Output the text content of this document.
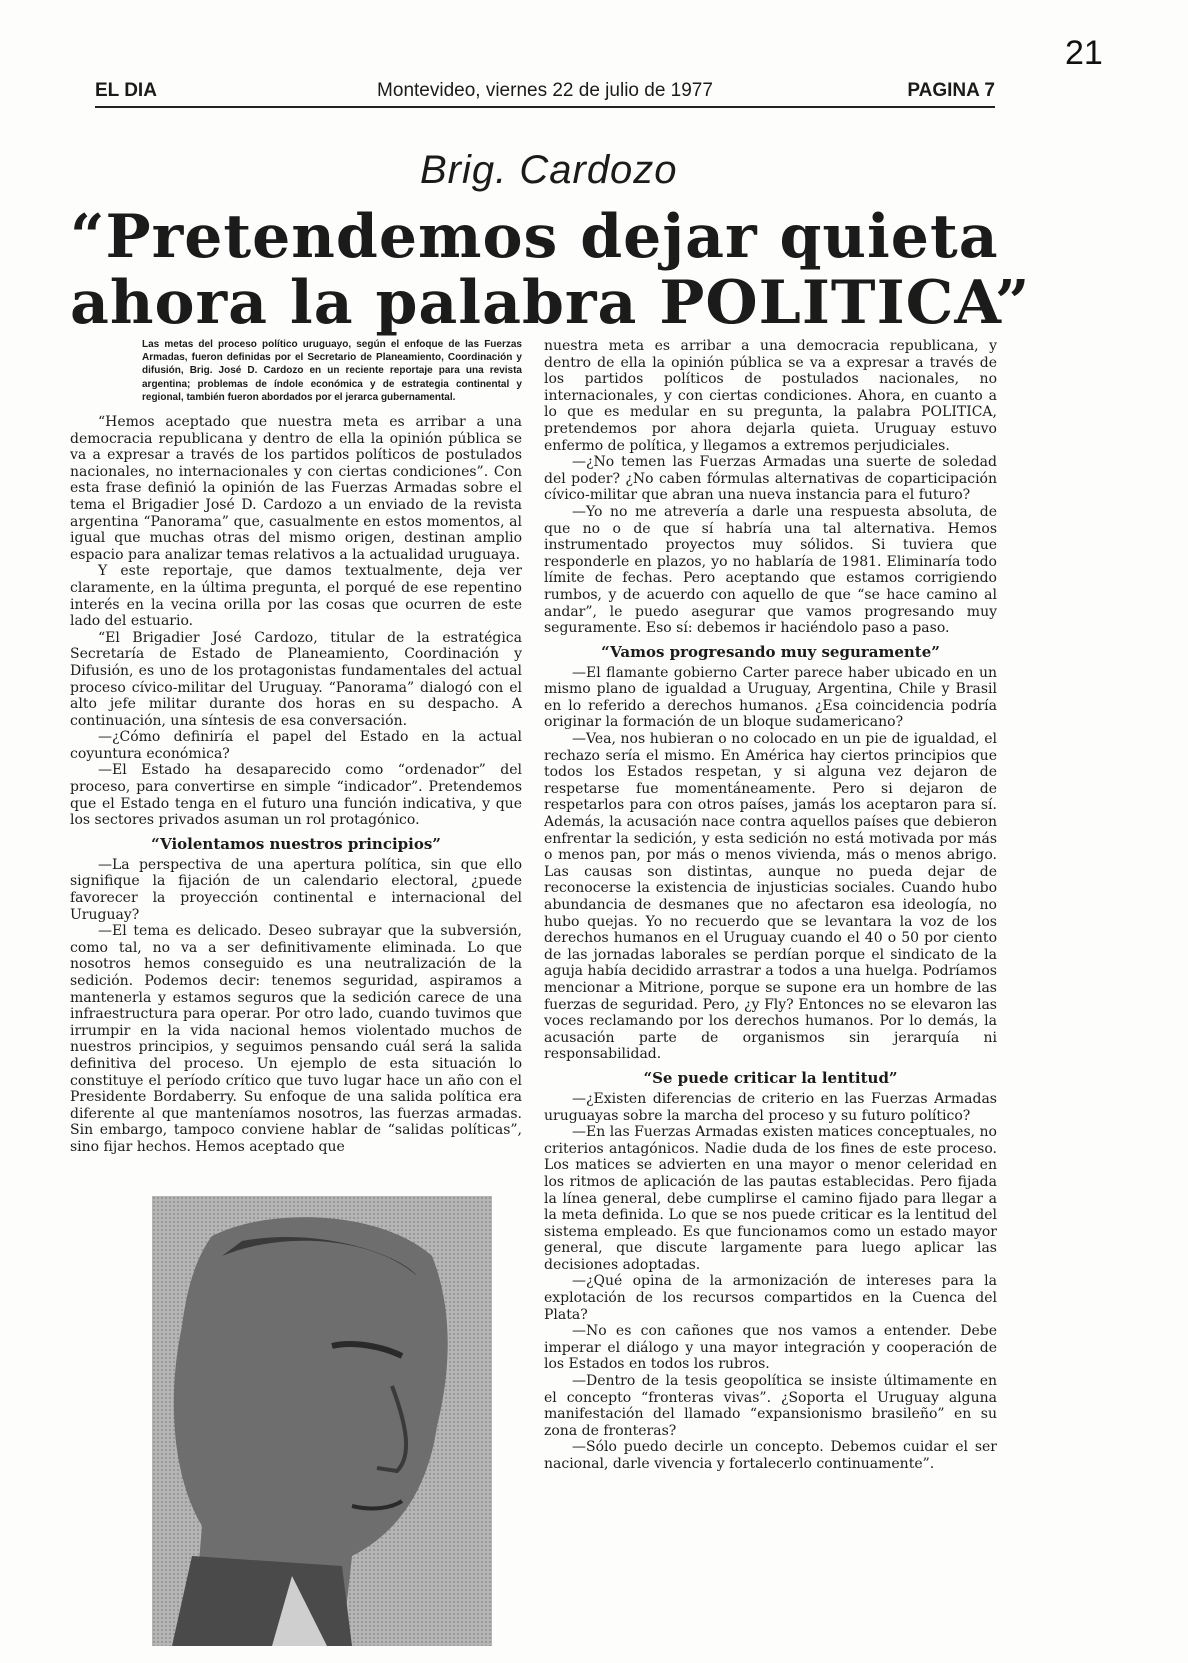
21
EL DIA	Montevideo, viernes 22 de julio de 1977	PAGINA 7
Brig. Cardozo
“Pretendemos dejar quieta
ahora la palabra POLITICA”

Las metas del proceso político uruguayo, según el enfoque de las Fuerzas Armadas, fueron definidas por el Secretario de Planeamiento, Coordinación y difusión, Brig. José D. Cardozo en un reciente reportaje para una revista argentina; problemas de índole económica y de estrategia continental y regional, también fueron abordados por el jerarca gubernamental.

“Hemos aceptado que nuestra meta es arribar a una democracia republicana y dentro de ella la opinión pública se va a expresar a través de los partidos políticos de postulados nacionales, no internacionales y con ciertas condiciones”. Con esta frase definió la opinión de las Fuerzas Armadas sobre el tema el Brigadier José D. Cardozo a un enviado de la revista argentina “Panorama” que, casualmente en estos momentos, al igual que muchas otras del mismo origen, destinan amplio espacio para analizar temas relativos a la actualidad uruguaya.

Y este reportaje, que damos textualmente, deja ver claramente, en la última pregunta, el porqué de ese repentino interés en la vecina orilla por las cosas que ocurren de este lado del estuario.

“El Brigadier José Cardozo, titular de la estratégica Secretaría de Estado de Planeamiento, Coordinación y Difusión, es uno de los protagonistas fundamentales del actual proceso cívico-militar del Uruguay. “Panorama” dialogó con el alto jefe militar durante dos horas en su despacho. A continuación, una síntesis de esa conversación.

—¿Cómo definiría el papel del Estado en la actual coyuntura económica?

—El Estado ha desaparecido como “ordenador” del proceso, para convertirse en simple “indicador”. Pretendemos que el Estado tenga en el futuro una función indicativa, y que los sectores privados asuman un rol protagónico.

“Violentamos nuestros principios”

—La perspectiva de una apertura política, sin que ello signifique la fijación de un calendario electoral, ¿puede favorecer la proyección continental e internacional del Uruguay?

—El tema es delicado. Deseo subrayar que la subversión, como tal, no va a ser definitivamente eliminada. Lo que nosotros hemos conseguido es una neutralización de la sedición. Podemos decir: tenemos seguridad, aspiramos a mantenerla y estamos seguros que la sedición carece de una infraestructura para operar. Por otro lado, cuando tuvimos que irrumpir en la vida nacional hemos violentado muchos de nuestros principios, y seguimos pensando cuál será la salida definitiva del proceso. Un ejemplo de esta situación lo constituye el período crítico que tuvo lugar hace un año con el Presidente Bordaberry. Su enfoque de una salida política era diferente al que manteníamos nosotros, las fuerzas armadas. Sin embargo, tampoco conviene hablar de “salidas políticas”, sino fijar hechos. Hemos aceptado que

nuestra meta es arribar a una democracia republicana, y dentro de ella la opinión pública se va a expresar a través de los partidos políticos de postulados nacionales, no internacionales, y con ciertas condiciones. Ahora, en cuanto a lo que es medular en su pregunta, la palabra POLITICA, pretendemos por ahora dejarla quieta. Uruguay estuvo enfermo de política, y llegamos a extremos perjudiciales.

—¿No temen las Fuerzas Armadas una suerte de soledad del poder? ¿No caben fórmulas alternativas de coparticipación cívico-militar que abran una nueva instancia para el futuro?

—Yo no me atrevería a darle una respuesta absoluta, de que no o de que sí habría una tal alternativa. Hemos instrumentado proyectos muy sólidos. Si tuviera que responderle en plazos, yo no hablaría de 1981. Eliminaría todo límite de fechas. Pero aceptando que estamos corrigiendo rumbos, y de acuerdo con aquello de que “se hace camino al andar”, le puedo asegurar que vamos progresando muy seguramente. Eso sí: debemos ir haciéndolo paso a paso.

“Vamos progresando muy seguramente”

—El flamante gobierno Carter parece haber ubicado en un mismo plano de igualdad a Uruguay, Argentina, Chile y Brasil en lo referido a derechos humanos. ¿Esa coincidencia podría originar la formación de un bloque sudamericano?

—Vea, nos hubieran o no colocado en un pie de igualdad, el rechazo sería el mismo. En América hay ciertos principios que todos los Estados respetan, y si alguna vez dejaron de respetarse fue momentáneamente. Pero si dejaron de respetarlos para con otros países, jamás los aceptaron para sí. Además, la acusación nace contra aquellos países que debieron enfrentar la sedición, y esta sedición no está motivada por más o menos pan, por más o menos vivienda, más o menos abrigo. Las causas son distintas, aunque no pueda dejar de reconocerse la existencia de injusticias sociales. Cuando hubo abundancia de desmanes que no afectaron esa ideología, no hubo quejas. Yo no recuerdo que se levantara la voz de los derechos humanos en el Uruguay cuando el 40 o 50 por ciento de las jornadas laborales se perdían porque el sindicato de la aguja había decidido arrastrar a todos a una huelga. Podríamos mencionar a Mitrione, porque se supone era un hombre de las fuerzas de seguridad. Pero, ¿y Fly? Entonces no se elevaron las voces reclamando por los derechos humanos. Por lo demás, la acusación parte de organismos sin jerarquía ni responsabilidad.

“Se puede criticar la lentitud”

—¿Existen diferencias de criterio en las Fuerzas Armadas uruguayas sobre la marcha del proceso y su futuro político?

—En las Fuerzas Armadas existen matices conceptuales, no criterios antagónicos. Nadie duda de los fines de este proceso. Los matices se advierten en una mayor o menor celeridad en los ritmos de aplicación de las pautas establecidas. Pero fijada la línea general, debe cumplirse el camino fijado para llegar a la meta definida. Lo que se nos puede criticar es la lentitud del sistema empleado. Es que funcionamos como un estado mayor general, que discute largamente para luego aplicar las decisiones adoptadas.

—¿Qué opina de la armonización de intereses para la explotación de los recursos compartidos en la Cuenca del Plata?

—No es con cañones que nos vamos a entender. Debe imperar el diálogo y una mayor integración y cooperación de los Estados en todos los rubros.

—Dentro de la tesis geopolítica se insiste últimamente en el concepto “fronteras vivas”. ¿Soporta el Uruguay alguna manifestación del llamado “expansionismo brasileño” en su zona de fronteras?

—Sólo puedo decirle un concepto. Debemos cuidar el ser nacional, darle vivencia y fortalecerlo continuamente”.
